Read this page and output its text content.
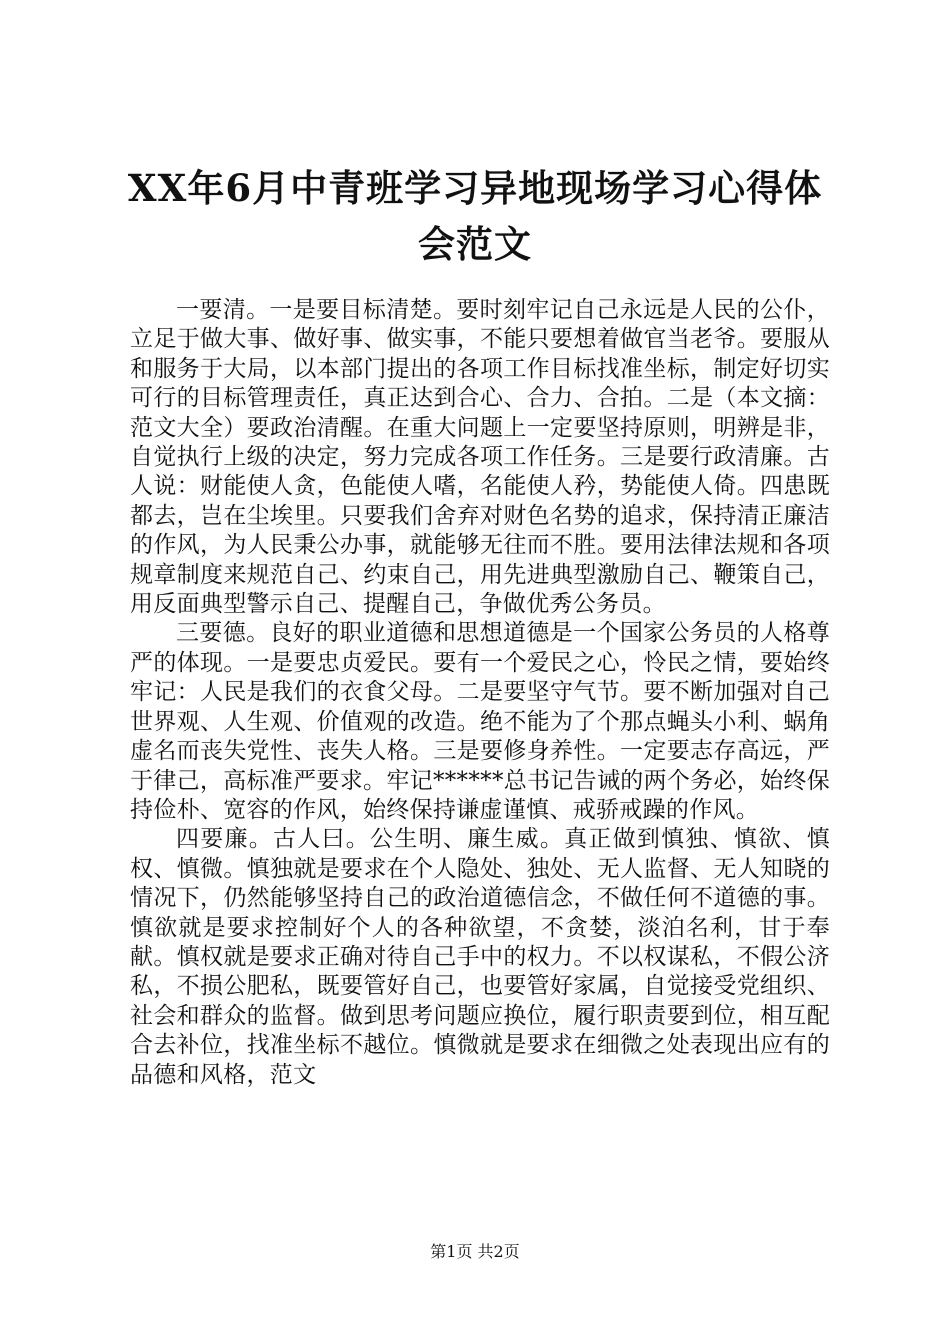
XX年6月中青班学习异地现场学习心得体会范文

一要清。一是要目标清楚。要时刻牢记自己永远是人民的公仆，立足于做大事、做好事、做实事，不能只要想着做官当老爷。要服从和服务于大局，以本部门提出的各项工作目标找准坐标，制定好切实可行的目标管理责任，真正达到合心、合力、合拍。二是（本文摘：范文大全）要政治清醒。在重大问题上一定要坚持原则，明辨是非，自觉执行上级的决定，努力完成各项工作任务。三是要行政清廉。古人说：财能使人贪，色能使人嗜，名能使人矜，势能使人倚。四患既都去，岂在尘埃里。只要我们舍弃对财色名势的追求，保持清正廉洁的作风，为人民秉公办事，就能够无往而不胜。要用法律法规和各项规章制度来规范自己、约束自己，用先进典型激励自己、鞭策自己，用反面典型警示自己、提醒自己，争做优秀公务员。

三要德。良好的职业道德和思想道德是一个国家公务员的人格尊严的体现。一是要忠贞爱民。要有一个爱民之心，怜民之情，要始终牢记：人民是我们的衣食父母。二是要坚守气节。要不断加强对自己世界观、人生观、价值观的改造。绝不能为了个那点蝇头小利、蜗角虚名而丧失党性、丧失人格。三是要修身养性。一定要志存高远，严于律己，高标准严要求。牢记******总书记告诫的两个务必，始终保持俭朴、宽容的作风，始终保持谦虚谨慎、戒骄戒躁的作风。

四要廉。古人曰。公生明、廉生威。真正做到慎独、慎欲、慎权、慎微。慎独就是要求在个人隐处、独处、无人监督、无人知晓的情况下，仍然能够坚持自己的政治道德信念，不做任何不道德的事。慎欲就是要求控制好个人的各种欲望，不贪婪，淡泊名利，甘于奉献。慎权就是要求正确对待自己手中的权力。不以权谋私，不假公济私，不损公肥私，既要管好自己，也要管好家属，自觉接受党组织、社会和群众的监督。做到思考问题应换位，履行职责要到位，相互配合去补位，找准坐标不越位。慎微就是要求在细微之处表现出应有的品德和风格，范文

第1页 共2页
